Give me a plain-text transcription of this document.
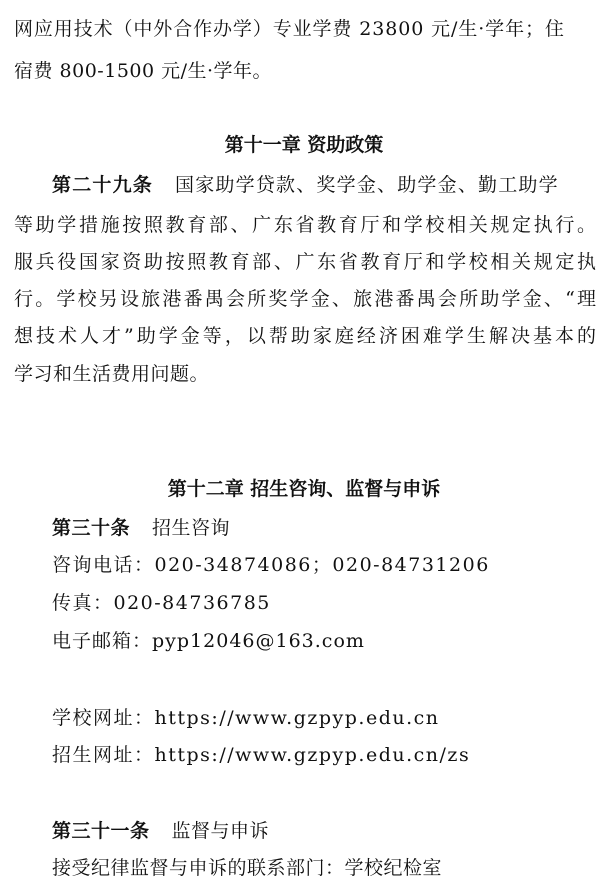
网应用技术（中外合作办学）专业学费 23800 元/生·学年；住
宿费 800-1500 元/生·学年。
第十一章 资助政策
第二十九条 国家助学贷款、奖学金、助学金、勤工助学
等助学措施按照教育部、广东省教育厅和学校相关规定执行。
服兵役国家资助按照教育部、广东省教育厅和学校相关规定执
行。学校另设旅港番禺会所奖学金、旅港番禺会所助学金、“理
想技术人才”助学金等，以帮助家庭经济困难学生解决基本的
学习和生活费用问题。
第十二章 招生咨询、监督与申诉
第三十条 招生咨询
咨询电话：020-34874086；020-84731206
传真：020-84736785
电子邮箱：pyp12046@163.com
学校网址：https://www.gzpyp.edu.cn
招生网址：https://www.gzpyp.edu.cn/zs
第三十一条 监督与申诉
接受纪律监督与申诉的联系部门：学校纪检室
